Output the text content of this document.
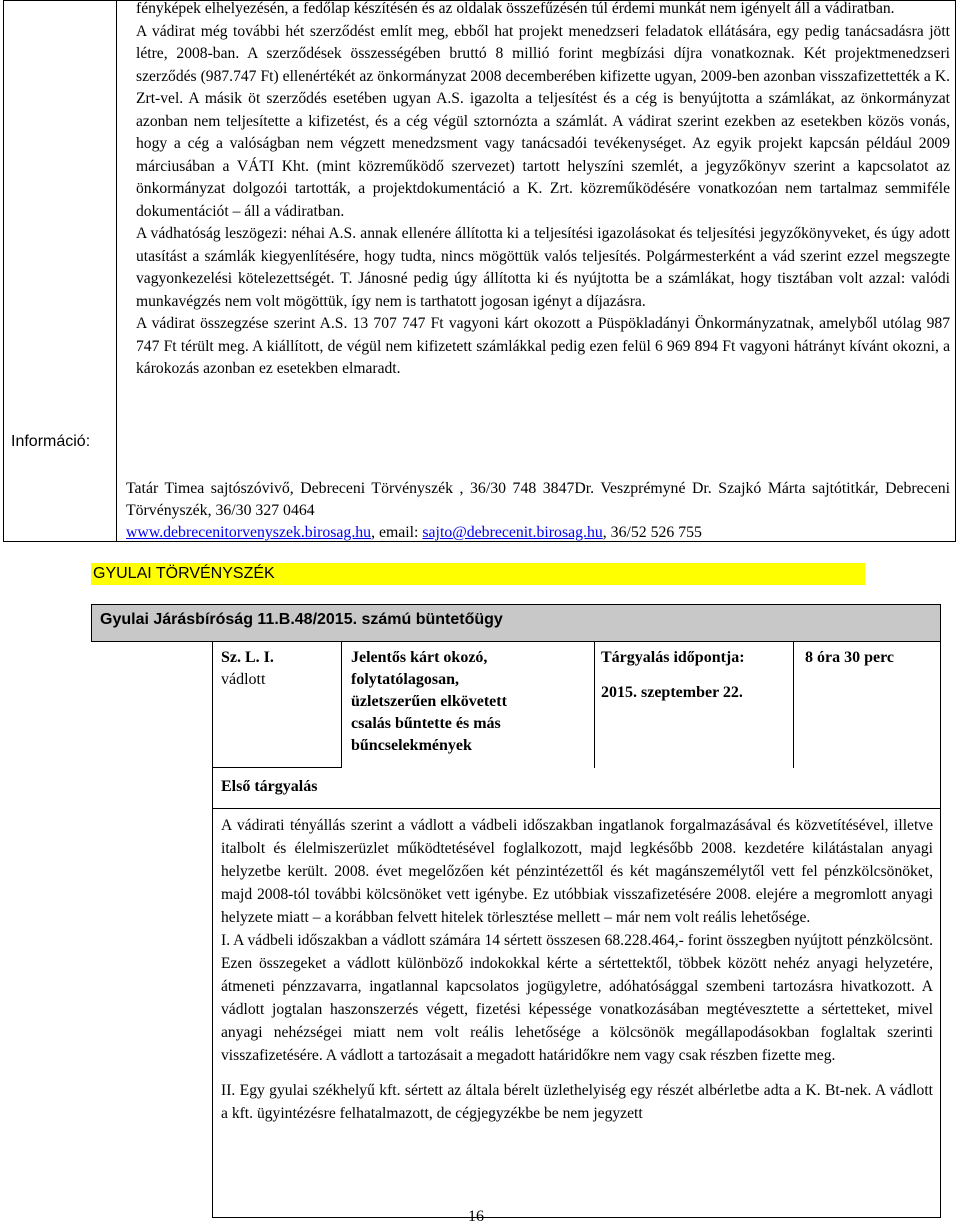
Információ:

fényképek elhelyezésén, a fedőlap készítésén és az oldalak összefűzésén túl érdemi munkát nem igényelt áll a vádiratban.

A vádirat még további hét szerződést említ meg, ebből hat projekt menedzseri feladatok ellátására, egy pedig tanácsadásra jött létre, 2008-ban. A szerződések összességében bruttó 8 millió forint megbízási díjra vonatkoznak. Két projektmenedzseri szerződés (987.747 Ft) ellenértékét az önkormányzat 2008 decemberében kifizette ugyan, 2009-ben azonban visszafizettették a K. Zrt-vel. A másik öt szerződés esetében ugyan A.S. igazolta a teljesítést és a cég is benyújtotta a számlákat, az önkormányzat azonban nem teljesítette a kifizetést, és a cég végül sztornózta a számlát. A vádirat szerint ezekben az esetekben közös vonás, hogy a cég a valóságban nem végzett menedzsment vagy tanácsadói tevékenységet. Az egyik projekt kapcsán például 2009 márciusában a VÁTI Kht. (mint közreműködő szervezet) tartott helyszíni szemlét, a jegyzőkönyv szerint a kapcsolatot az önkormányzat dolgozói tartották, a projektdokumentáció a K. Zrt. közreműködésére vonatkozóan nem tartalmaz semmiféle dokumentációt – áll a vádiratban.

A vádhatóság leszögezi: néhai A.S. annak ellenére állította ki a teljesítési igazolásokat és teljesítési jegyzőkönyveket, és úgy adott utasítást a számlák kiegyenlítésére, hogy tudta, nincs mögöttük valós teljesítés. Polgármesterként a vád szerint ezzel megszegte vagyonkezelési kötelezettségét. T. Jánosné pedig úgy állította ki és nyújtotta be a számlákat, hogy tisztában volt azzal: valódi munkavégzés nem volt mögöttük, így nem is tarthatott jogosan igényt a díjazásra.

A vádirat összegzése szerint A.S. 13 707 747 Ft vagyoni kárt okozott a Püspökladányi Önkormányzatnak, amelyből utólag 987 747 Ft térült meg. A kiállított, de végül nem kifizetett számlákkal pedig ezen felül 6 969 894 Ft vagyoni hátrányt kívánt okozni, a károkozás azonban ez esetekben elmaradt.

Tatár Timea sajtószóvivő, Debreceni Törvényszék , 36/30 748 3847Dr. Veszprémyné Dr. Szajkó Márta sajtótitkár, Debreceni Törvényszék, 36/30 327 0464
www.debrecenitorvenyszek.birosag.hu, email: sajto@debrecenit.birosag.hu, 36/52 526 755
GYULAI TÖRVÉNYSZÉK
Gyulai Járásbíróság 11.B.48/2015. számú büntetőügy
Sz. L. I.
vádlott
Jelentős kárt okozó,
folytatólagosan,
üzletszerűen elkövetett
csalás bűntette és más
bűncselekmények
Tárgyalás időpontja:
2015. szeptember 22.
8 óra 30 perc
Első tárgyalás

A vádirati tényállás szerint a vádlott a vádbeli időszakban ingatlanok forgalmazásával és közvetítésével, illetve italbolt és élelmiszerüzlet működtetésével foglalkozott, majd legkésőbb 2008. kezdetére kilátástalan anyagi helyzetbe került. 2008. évet megelőzően két pénzintézettől és két magánszemélytől vett fel pénzkölcsönöket, majd 2008-tól további kölcsönöket vett igénybe. Ez utóbbiak visszafizetésére 2008. elejére a megromlott anyagi helyzete miatt – a korábban felvett hitelek törlesztése mellett – már nem volt reális lehetősége.

I. A vádbeli időszakban a vádlott számára 14 sértett összesen 68.228.464,- forint összegben nyújtott pénzkölcsönt. Ezen összegeket a vádlott különböző indokokkal kérte a sértettektől, többek között nehéz anyagi helyzetére, átmeneti pénzzavarra, ingatlannal kapcsolatos jogügyletre, adóhatósággal szembeni tartozásra hivatkozott. A vádlott jogtalan haszonszerzés végett, fizetési képessége vonatkozásában megtévesztette a sértetteket, mivel anyagi nehézségei miatt nem volt reális lehetősége a kölcsönök megállapodásokban foglaltak szerinti visszafizetésére. A vádlott a tartozásait a megadott határidőkre nem vagy csak részben fizette meg.

II. Egy gyulai székhelyű kft. sértett az általa bérelt üzlethelyiség egy részét albérletbe adta a K. Bt-nek. A vádlott a kft. ügyintézésre felhatalmazott, de cégjegyzékbe be nem jegyzett

16
